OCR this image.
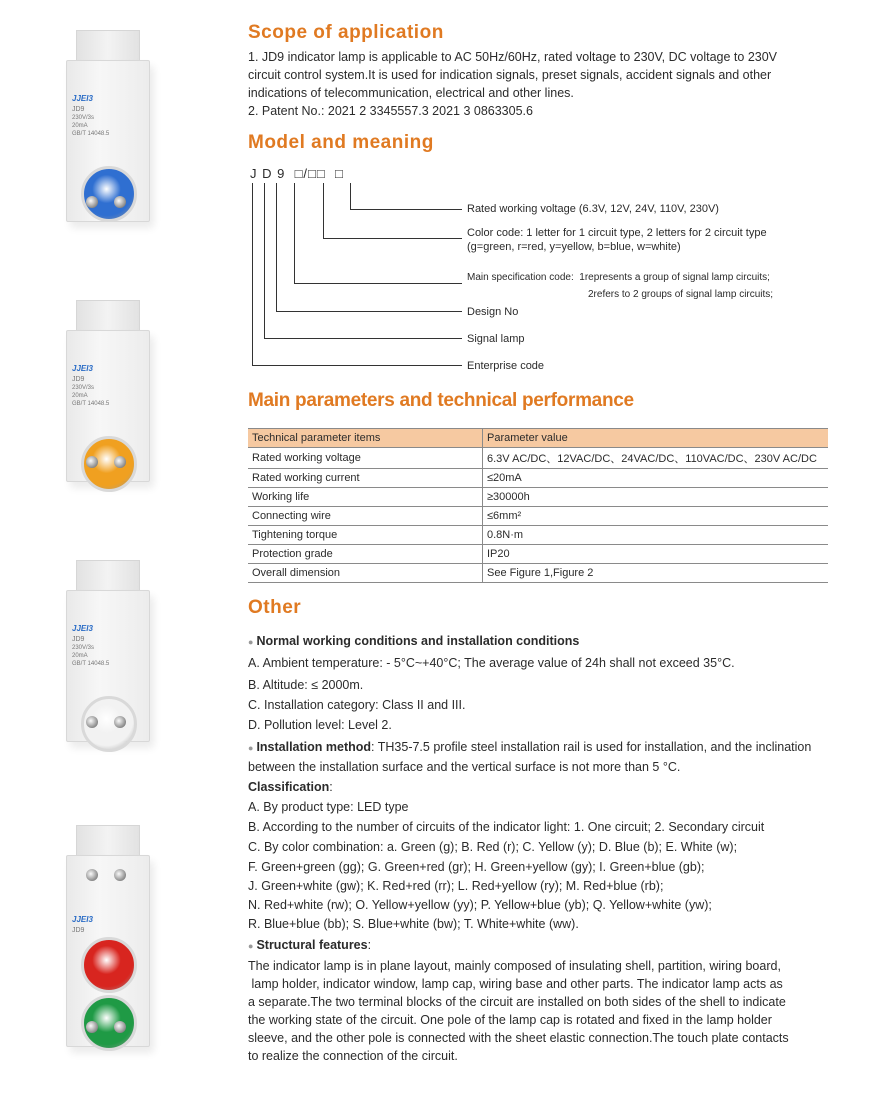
JJEI3
JD9
230V/3s
20mA
GB/T 14048.5
JJEI3
JD9
230V/3s
20mA
GB/T 14048.5
JJEI3
JD9
230V/3s
20mA
GB/T 14048.5
JJEI3
JD9
Scope of application
1. JD9 indicator lamp is applicable to AC 50Hz/60Hz, rated voltage to 230V, DC voltage to 230V
circuit control system.It is used for indication signals, preset signals, accident signals and other
indications of telecommunication, electrical and other lines.
2. Patent No.: 2021 2 3345557.3 2021 3 0863305.6
Model and meaning
J D 9  □/□□  □
Rated working voltage (6.3V, 12V, 24V, 110V, 230V)
Color code: 1 letter for 1 circuit type, 2 letters for 2 circuit type
(g=green, r=red, y=yellow, b=blue, w=white)
Main specification code:  1represents a group of signal lamp circuits;
2refers to 2 groups of signal lamp circuits;
Design No
Signal lamp
Enterprise code
Main parameters and technical performance
Technical parameter items	Parameter value
Rated working voltage	6.3V AC/DC、12VAC/DC、24VAC/DC、110VAC/DC、230V AC/DC
Rated working current	≤20mA
Working life	≥30000h
Connecting wire	≤6mm²
Tightening torque	0.8N·m
Protection grade	IP20
Overall dimension	See Figure 1,Figure 2
Other
● Normal working conditions and installation conditions
A. Ambient temperature: - 5°C~+40°C; The average value of 24h shall not exceed 35°C.
B. Altitude: ≤ 2000m.
C. Installation category: Class II and III.
D. Pollution level: Level 2.
● Installation method: TH35-7.5 profile steel installation rail is used for installation, and the inclination
between the installation surface and the vertical surface is not more than 5 °C.
Classification:
A. By product type: LED type
B. According to the number of circuits of the indicator light: 1. One circuit; 2. Secondary circuit
C. By color combination: a. Green (g); B. Red (r); C. Yellow (y); D. Blue (b); E. White (w);
F. Green+green (gg); G. Green+red (gr); H. Green+yellow (gy); I. Green+blue (gb);
J. Green+white (gw); K. Red+red (rr); L. Red+yellow (ry); M. Red+blue (rb);
N. Red+white (rw); O. Yellow+yellow (yy); P. Yellow+blue (yb); Q. Yellow+white (yw);
R. Blue+blue (bb); S. Blue+white (bw); T. White+white (ww).
● Structural features:
The indicator lamp is in plane layout, mainly composed of insulating shell, partition, wiring board,
lamp holder, indicator window, lamp cap, wiring base and other parts. The indicator lamp acts as
a separate.The two terminal blocks of the circuit are installed on both sides of the shell to indicate
the working state of the circuit. One pole of the lamp cap is rotated and fixed in the lamp holder
sleeve, and the other pole is connected with the sheet elastic connection.The touch plate contacts
to realize the connection of the circuit.
